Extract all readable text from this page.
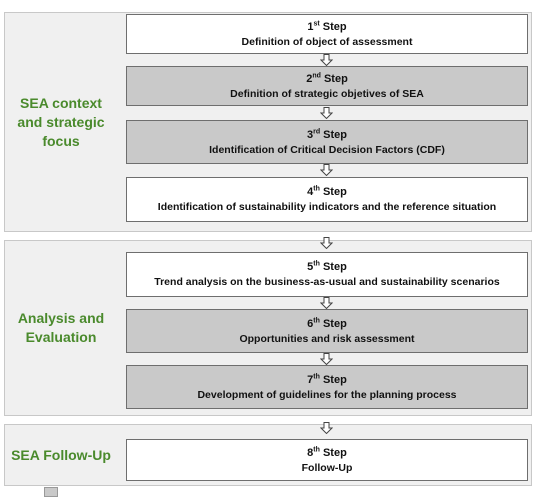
SEA context
and strategic
focus
Analysis and
Evaluation
SEA Follow-Up
1st Step
Definition of object of assessment
2nd Step
Definition of strategic objetives of SEA
3rd Step
Identification of Critical Decision Factors (CDF)
4th Step
Identification of sustainability indicators and the reference situation
5th Step
Trend analysis on the business-as-usual and sustainability scenarios
6th Step
Opportunities and risk assessment
7th Step
Development of guidelines for the planning process
8th Step
Follow-Up
